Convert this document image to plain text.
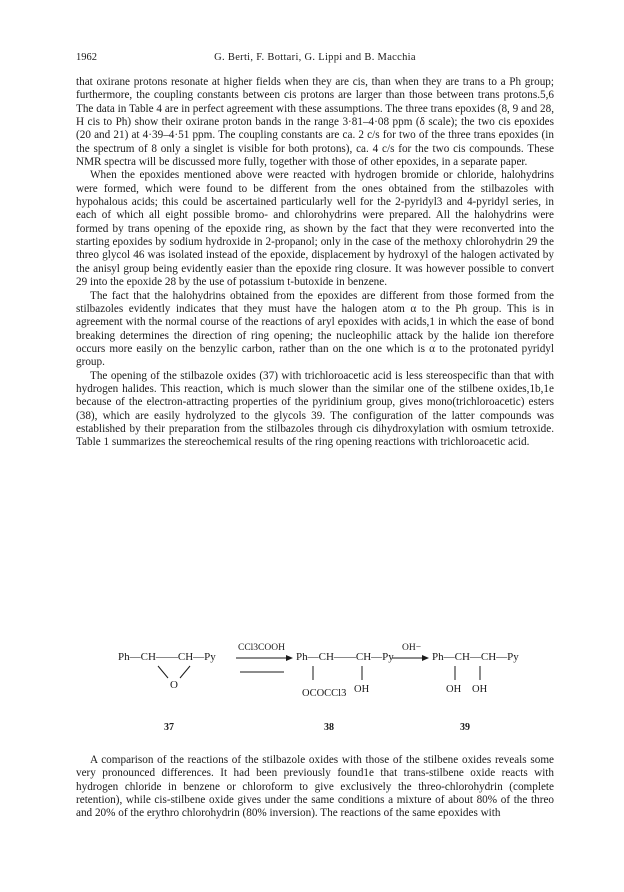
1962	G. Berti, F. Bottari, G. Lippi and B. Macchia

that oxirane protons resonate at higher fields when they are cis, than when they are trans to a Ph group; furthermore, the coupling constants between cis protons are larger than those between trans protons.5,6 The data in Table 4 are in perfect agreement with these assumptions. The three trans epoxides (8, 9 and 28, H cis to Ph) show their oxirane proton bands in the range 3·81–4·08 ppm (δ scale); the two cis epoxides (20 and 21) at 4·39–4·51 ppm. The coupling constants are ca. 2 c/s for two of the three trans epoxides (in the spectrum of 8 only a singlet is visible for both protons), ca. 4 c/s for the two cis compounds. These NMR spectra will be discussed more fully, together with those of other epoxides, in a separate paper.

When the epoxides mentioned above were reacted with hydrogen bromide or chloride, halohydrins were formed, which were found to be different from the ones obtained from the stilbazoles with hypohalous acids; this could be ascertained particularly well for the 2-pyridyl3 and 4-pyridyl series, in each of which all eight possible bromo- and chlorohydrins were prepared. All the halohydrins were formed by trans opening of the epoxide ring, as shown by the fact that they were reconverted into the starting epoxides by sodium hydroxide in 2-propanol; only in the case of the methoxy chlorohydrin 29 the threo glycol 46 was isolated instead of the epoxide, displacement by hydroxyl of the halogen activated by the anisyl group being evidently easier than the epoxide ring closure. It was however possible to convert 29 into the epoxide 28 by the use of potassium t-butoxide in benzene.

The fact that the halohydrins obtained from the epoxides are different from those formed from the stilbazoles evidently indicates that they must have the halogen atom α to the Ph group. This is in agreement with the normal course of the reactions of aryl epoxides with acids,1 in which the ease of bond breaking determines the direction of ring opening; the nucleophilic attack by the halide ion therefore occurs more easily on the benzylic carbon, rather than on the one which is α to the protonated pyridyl group.

The opening of the stilbazole oxides (37) with trichloroacetic acid is less stereospecific than that with hydrogen halides. This reaction, which is much slower than the similar one of the stilbene oxides,1b,1e because of the electron-attracting properties of the pyridinium group, gives mono(trichloroacetic) esters (38), which are easily hydrolyzed to the glycols 39. The configuration of the latter compounds was established by their preparation from the stilbazoles through cis dihydroxylation with osmium tetroxide. Table 1 summarizes the stereochemical results of the ring opening reactions with trichloroacetic acid.

Ph—CH——CH—Py
O
CCl3COOH
Ph—CH——CH—Py
OCOCCl3 OH
OH−
Ph—CH—CH—Py
OH OH
37	38	39

A comparison of the reactions of the stilbazole oxides with those of the stilbene oxides reveals some very pronounced differences. It had been previously found1e that trans-stilbene oxide reacts with hydrogen chloride in benzene or chloroform to give exclusively the threo-chlorohydrin (complete retention), while cis-stilbene oxide gives under the same conditions a mixture of about 80% of the threo and 20% of the erythro chlorohydrin (80% inversion). The reactions of the same epoxides with
